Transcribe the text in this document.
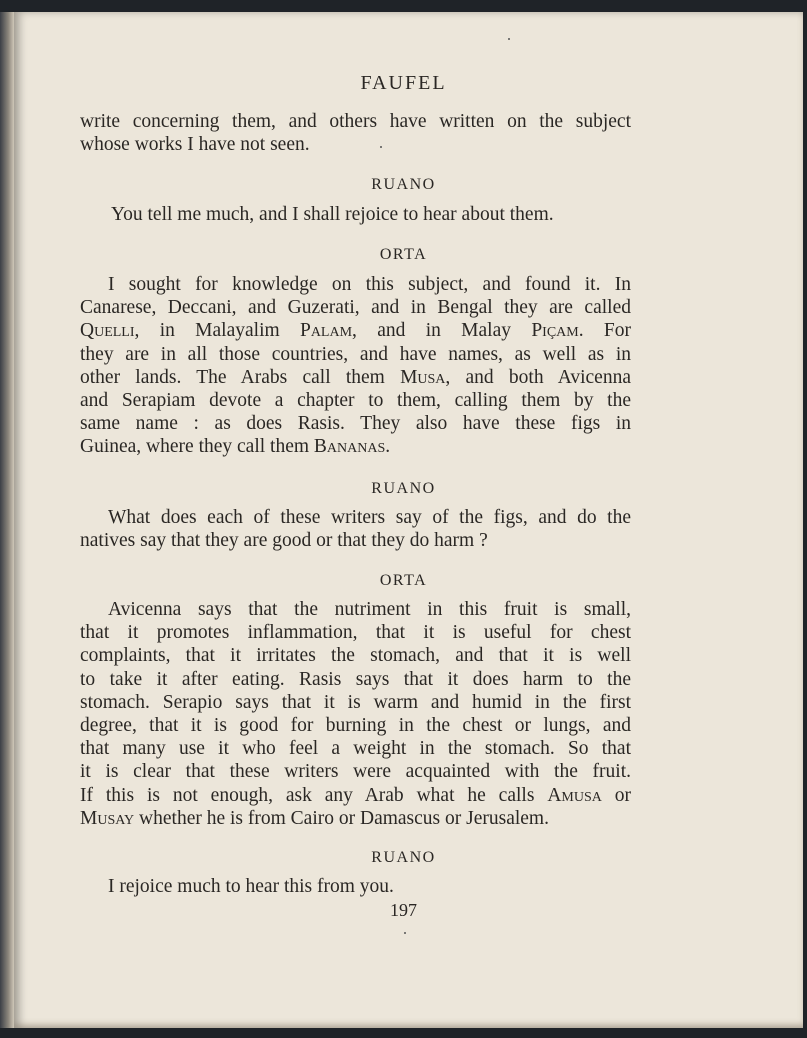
FAUFEL

write concerning them, and others have written on the subject

whose works I have not seen.

RUANO

You tell me much, and I shall rejoice to hear about them.

ORTA

I sought for knowledge on this subject, and found it. In

Canarese, Deccani, and Guzerati, and in Bengal they are called

Quelli, in Malayalim Palam, and in Malay Piçam. For

they are in all those countries, and have names, as well as in

other lands. The Arabs call them Musa, and both Avicenna

and Serapiam devote a chapter to them, calling them by the

same name : as does Rasis. They also have these figs in

Guinea, where they call them Bananas.

RUANO

What does each of these writers say of the figs, and do the

natives say that they are good or that they do harm ?

ORTA

Avicenna says that the nutriment in this fruit is small,

that it promotes inflammation, that it is useful for chest

complaints, that it irritates the stomach, and that it is well

to take it after eating. Rasis says that it does harm to the

stomach. Serapio says that it is warm and humid in the first

degree, that it is good for burning in the chest or lungs, and

that many use it who feel a weight in the stomach. So that

it is clear that these writers were acquainted with the fruit.

If this is not enough, ask any Arab what he calls Amusa or

Musay whether he is from Cairo or Damascus or Jerusalem.

RUANO

I rejoice much to hear this from you.

197
